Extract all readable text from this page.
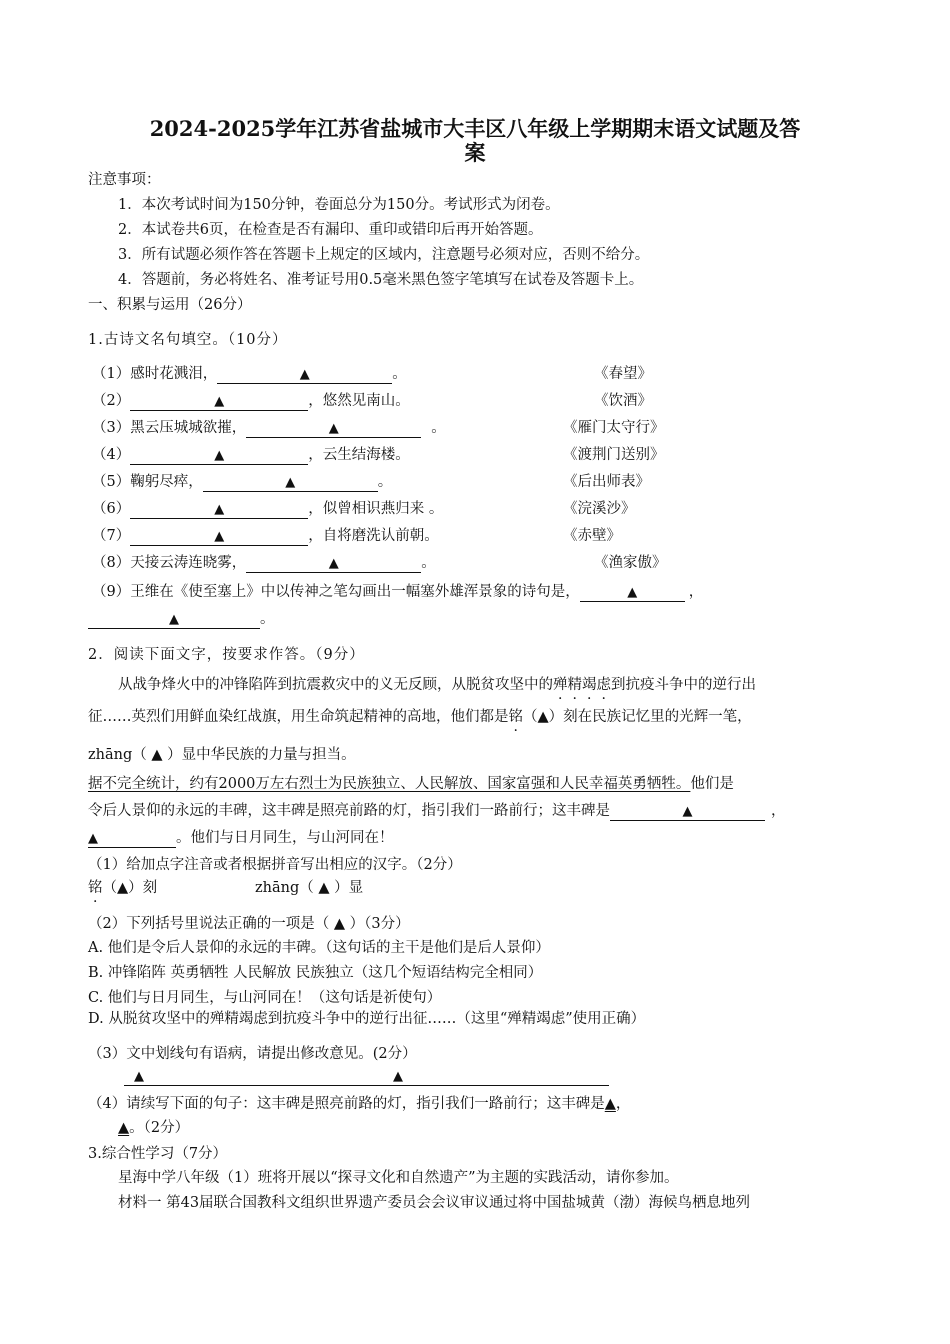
2024-2025学年江苏省盐城市大丰区八年级上学期期末语文试题及答
案
注意事项：
1．本次考试时间为150分钟，卷面总分为150分。考试形式为闭卷。
2．本试卷共6页，在检查是否有漏印、重印或错印后再开始答题。
3．所有试题必须作答在答题卡上规定的区域内，注意题号必须对应，否则不给分。
4．答题前，务必将姓名、准考证号用0.5毫米黑色签字笔填写在试卷及答题卡上。
一、积累与运用（26分）
1.古诗文名句填空。（10分）
（1）感时花溅泪，	▲	。	《春望》
（2）	▲	，悠然见南山。	《饮酒》
（3）黑云压城城欲摧，	▲	。	《雁门太守行》
（4）	▲	，云生结海楼。	《渡荆门送别》
（5）鞠躬尽瘁，	▲	。	《后出师表》
（6）	▲	，似曾相识燕归来 。	《浣溪沙》
（7）	▲	，自将磨洗认前朝。	《赤壁》
（8）天接云涛连晓雾，	▲	。	《渔家傲》
（9）王维在《使至塞上》中以传神之笔勾画出一幅塞外雄浑景象的诗句是，	▲	，
▲	。
2．阅读下面文字，按要求作答。（9分）
从战争烽火中的冲锋陷阵到抗震救灾中的义无反顾，从脱贫攻坚中的殚精竭虑到抗疫斗争中的逆行出
征……英烈们用鲜血染红战旗，用生命筑起精神的高地，他们都是铭（▲）刻在民族记忆里的光辉一笔，
zhāng（ ▲ ）显中华民族的力量与担当。
据不完全统计，约有2000万左右烈士为民族独立、人民解放、国家富强和人民幸福英勇牺牲。他们是
令后人景仰的永远的丰碑，这丰碑是照亮前路的灯，指引我们一路前行；这丰碑是	▲	，
▲	。他们与日月同生，与山河同在！
（1）给加点字注音或者根据拼音写出相应的汉字。（2分）
铭（▲）刻	zhāng（ ▲ ）显
（2）下列括号里说法正确的一项是（ ▲ ）（3分）
A. 他们是令后人景仰的永远的丰碑。（这句话的主干是他们是后人景仰）
B. 冲锋陷阵 英勇牺牲 人民解放 民族独立（这几个短语结构完全相同）
C. 他们与日月同生，与山河同在！（这句话是祈使句）
D. 从脱贫攻坚中的殚精竭虑到抗疫斗争中的逆行出征……（这里“殚精竭虑”使用正确）
（3）文中划线句有语病，请提出修改意见。(2分）
▲	▲
（4）请续写下面的句子：这丰碑是照亮前路的灯，指引我们一路前行；这丰碑是▲，
▲。（2分）
3.综合性学习（7分）
星海中学八年级（1）班将开展以“探寻文化和自然遗产”为主题的实践活动，请你参加。
材料一 第43届联合国教科文组织世界遗产委员会会议审议通过将中国盐城黄（渤）海候鸟栖息地列
